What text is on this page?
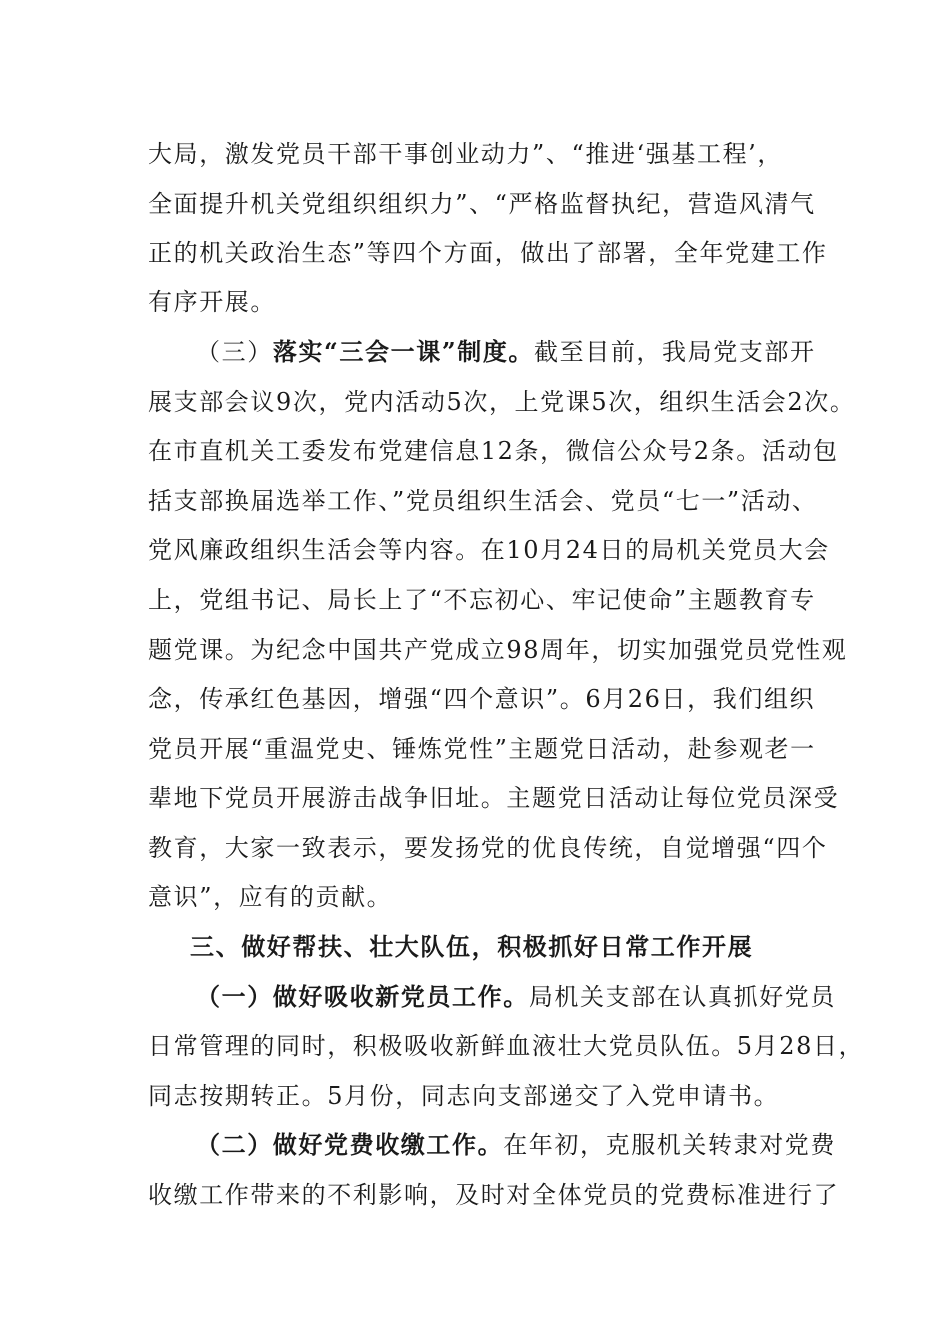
大局，激发党员干部干事创业动力”、“推进‘强基工程’，
全面提升机关党组织组织力”、“严格监督执纪，营造风清气
正的机关政治生态”等四个方面，做出了部署，全年党建工作
有序开展。
（三）落实“三会一课”制度。截至目前，我局党支部开
展支部会议9次，党内活动5次，上党课5次，组织生活会2次。
在市直机关工委发布党建信息12条，微信公众号2条。活动包
括支部换届选举工作、”党员组织生活会、党员“七一”活动、
党风廉政组织生活会等内容。在10月24日的局机关党员大会
上，党组书记、局长上了“不忘初心、牢记使命”主题教育专
题党课。为纪念中国共产党成立98周年，切实加强党员党性观
念，传承红色基因，增强“四个意识”。6月26日，我们组织
党员开展“重温党史、锤炼党性”主题党日活动，赴参观老一
辈地下党员开展游击战争旧址。主题党日活动让每位党员深受
教育，大家一致表示，要发扬党的优良传统，自觉增强“四个
意识”，应有的贡献。
三、做好帮扶、壮大队伍，积极抓好日常工作开展
（一）做好吸收新党员工作。局机关支部在认真抓好党员
日常管理的同时，积极吸收新鲜血液壮大党员队伍。5月28日，
同志按期转正。5月份，同志向支部递交了入党申请书。
（二）做好党费收缴工作。在年初，克服机关转隶对党费
收缴工作带来的不利影响，及时对全体党员的党费标准进行了
